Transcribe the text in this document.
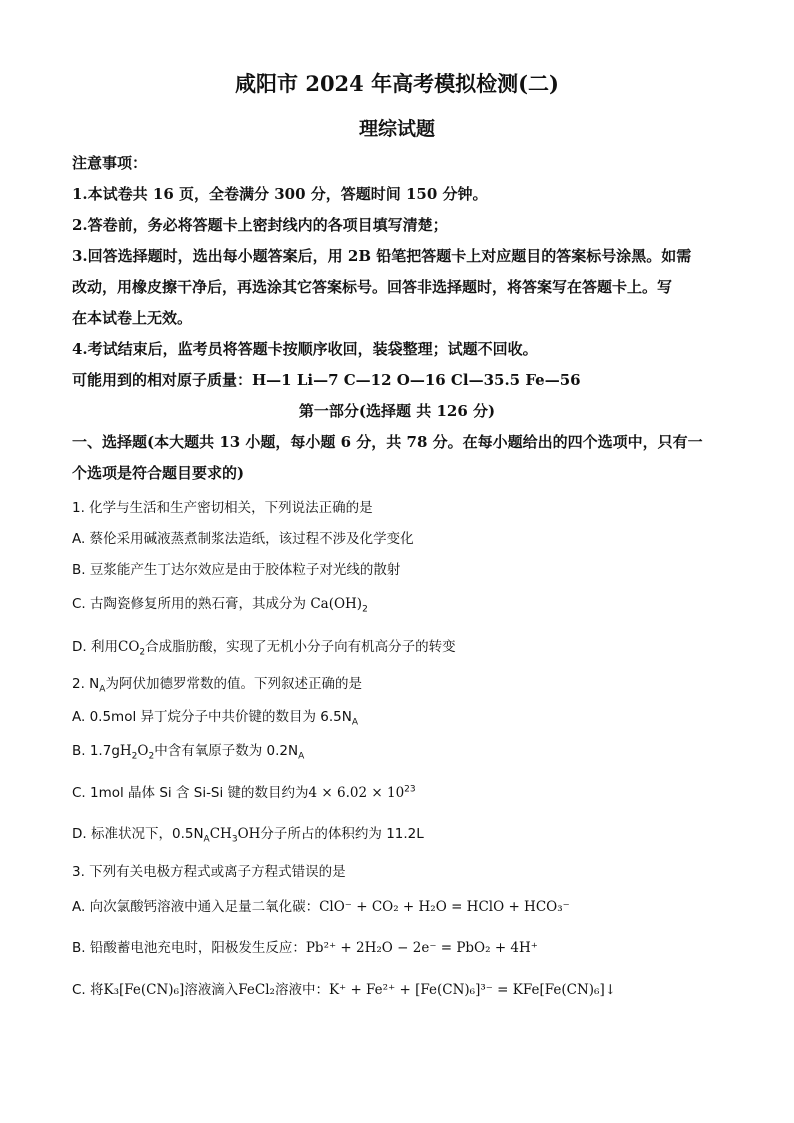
咸阳市 2024 年高考模拟检测(二)
理综试题
注意事项：
1.本试卷共 16 页，全卷满分 300 分，答题时间 150 分钟。
2.答卷前，务必将答题卡上密封线内的各项目填写清楚；
3.回答选择题时，选出每小题答案后，用 2B 铅笔把答题卡上对应题目的答案标号涂黑。如需
改动，用橡皮擦干净后，再选涂其它答案标号。回答非选择题时，将答案写在答题卡上。写
在本试卷上无效。
4.考试结束后，监考员将答题卡按顺序收回，装袋整理；试题不回收。
可能用到的相对原子质量：H—1 Li—7 C—12 O—16 Cl—35.5 Fe—56
第一部分(选择题 共 126 分)
一、选择题(本大题共 13 小题，每小题 6 分，共 78 分。在每小题给出的四个选项中，只有一
个选项是符合题目要求的)
1. 化学与生活和生产密切相关，下列说法正确的是
A. 蔡伦采用碱液蒸煮制浆法造纸，该过程不涉及化学变化
B. 豆浆能产生丁达尔效应是由于胶体粒子对光线的散射
C. 古陶瓷修复所用的熟石膏，其成分为 $Ca(OH)_2$
D. 利用$CO_2$合成脂肪酸，实现了无机小分子向有机高分子的转变
2. $N_A$为阿伏加德罗常数的值。下列叙述正确的是
A. 0.5mol 异丁烷分子中共价键的数目为 $6.5N_A$
B. $1.7gH_2O_2$中含有氧原子数为 $0.2N_A$
C. 1mol 晶体 Si 含 Si-Si 键的数目约为$4 \times 6.02 \times 10^{23}$
D. 标准状况下，$0.5N_ACH_3OH$分子所占的体积约为 11.2L
3. 下列有关电极方程式或离子方程式错误的是
A. 向次氯酸钙溶液中通入足量二氧化碳：ClO⁻ + CO₂ + H₂O = HClO + HCO₃⁻
B. 铅酸蓄电池充电时，阳极发生反应：Pb²⁺ + 2H₂O − 2e⁻ = PbO₂ + 4H⁺
C. 将K₃[Fe(CN)₆]溶液滴入FeCl₂溶液中：K⁺ + Fe²⁺ + [Fe(CN)₆]³⁻ = KFe[Fe(CN)₆]↓
